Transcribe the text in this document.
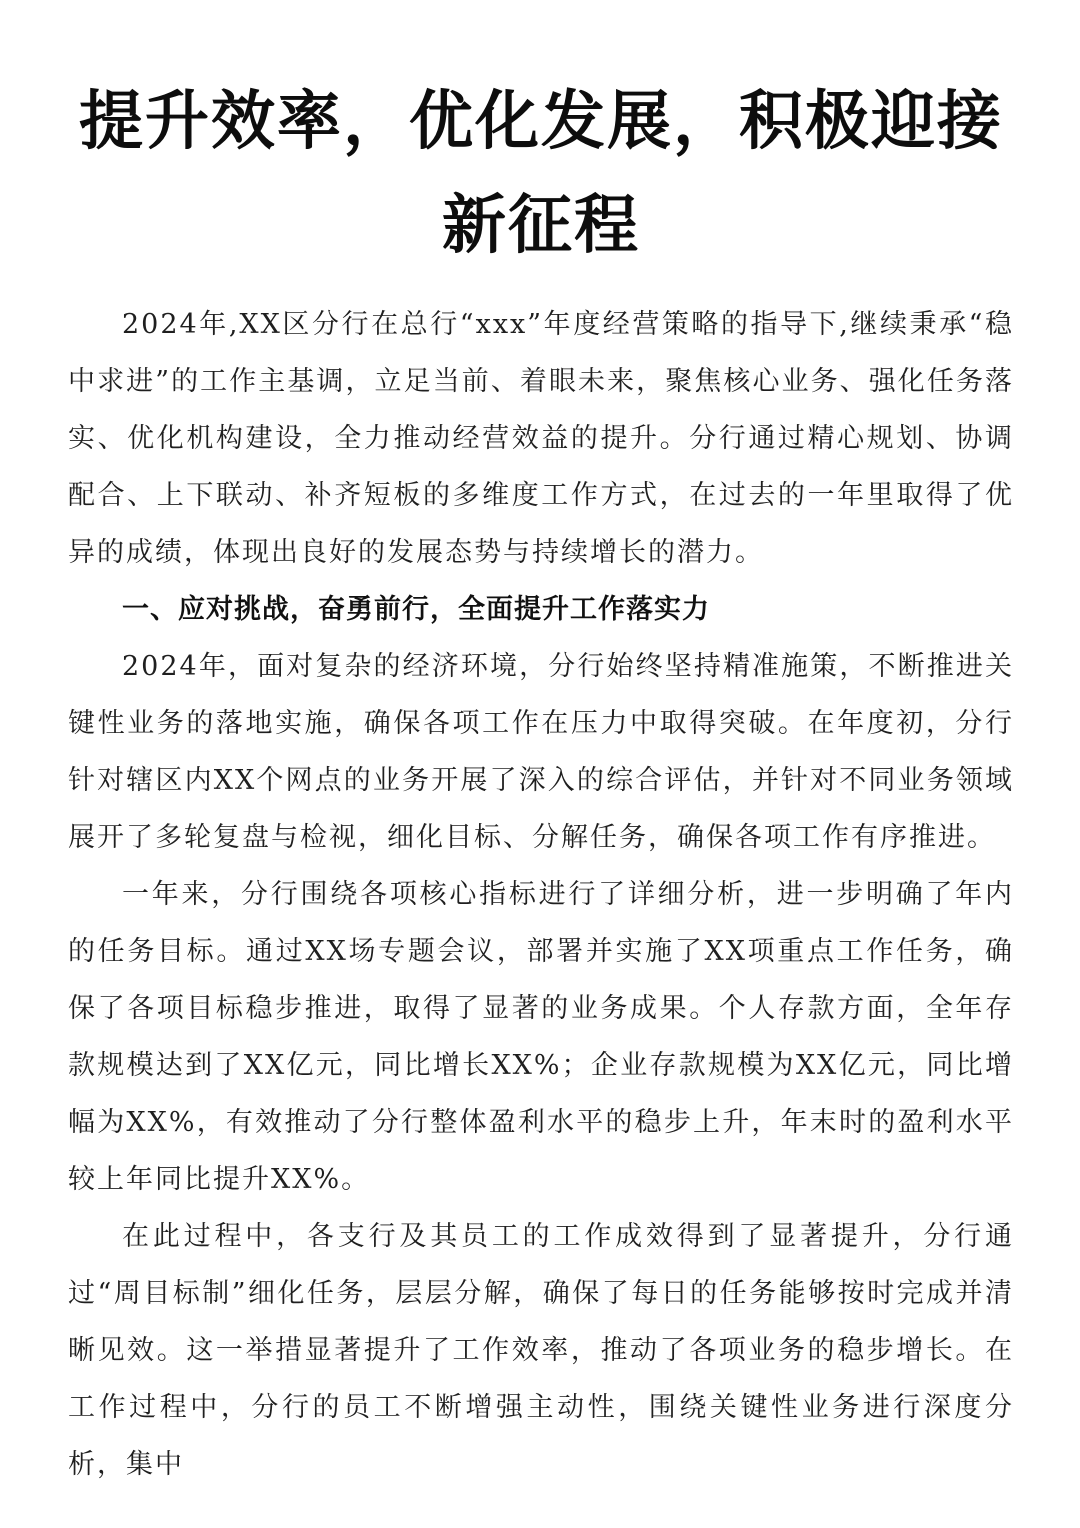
提升效率，优化发展，积极迎接
新征程

2024年,XX区分行在总行“xxx”年度经营策略的指导下,继续秉承“稳中求进”的工作主基调，立足当前、着眼未来，聚焦核心业务、强化任务落实、优化机构建设，全力推动经营效益的提升。分行通过精心规划、协调配合、上下联动、补齐短板的多维度工作方式，在过去的一年里取得了优异的成绩，体现出良好的发展态势与持续增长的潜力。

一、应对挑战，奋勇前行，全面提升工作落实力

2024年，面对复杂的经济环境，分行始终坚持精准施策，不断推进关键性业务的落地实施，确保各项工作在压力中取得突破。在年度初，分行针对辖区内XX个网点的业务开展了深入的综合评估，并针对不同业务领域展开了多轮复盘与检视，细化目标、分解任务，确保各项工作有序推进。

一年来，分行围绕各项核心指标进行了详细分析，进一步明确了年内的任务目标。通过XX场专题会议，部署并实施了XX项重点工作任务，确保了各项目标稳步推进，取得了显著的业务成果。个人存款方面，全年存款规模达到了XX亿元，同比增长XX%；企业存款规模为XX亿元，同比增幅为XX%，有效推动了分行整体盈利水平的稳步上升，年末时的盈利水平较上年同比提升XX%。

在此过程中，各支行及其员工的工作成效得到了显著提升，分行通过“周目标制”细化任务，层层分解，确保了每日的任务能够按时完成并清晰见效。这一举措显著提升了工作效率，推动了各项业务的稳步增长。在工作过程中，分行的员工不断增强主动性，围绕关键性业务进行深度分析，集中
